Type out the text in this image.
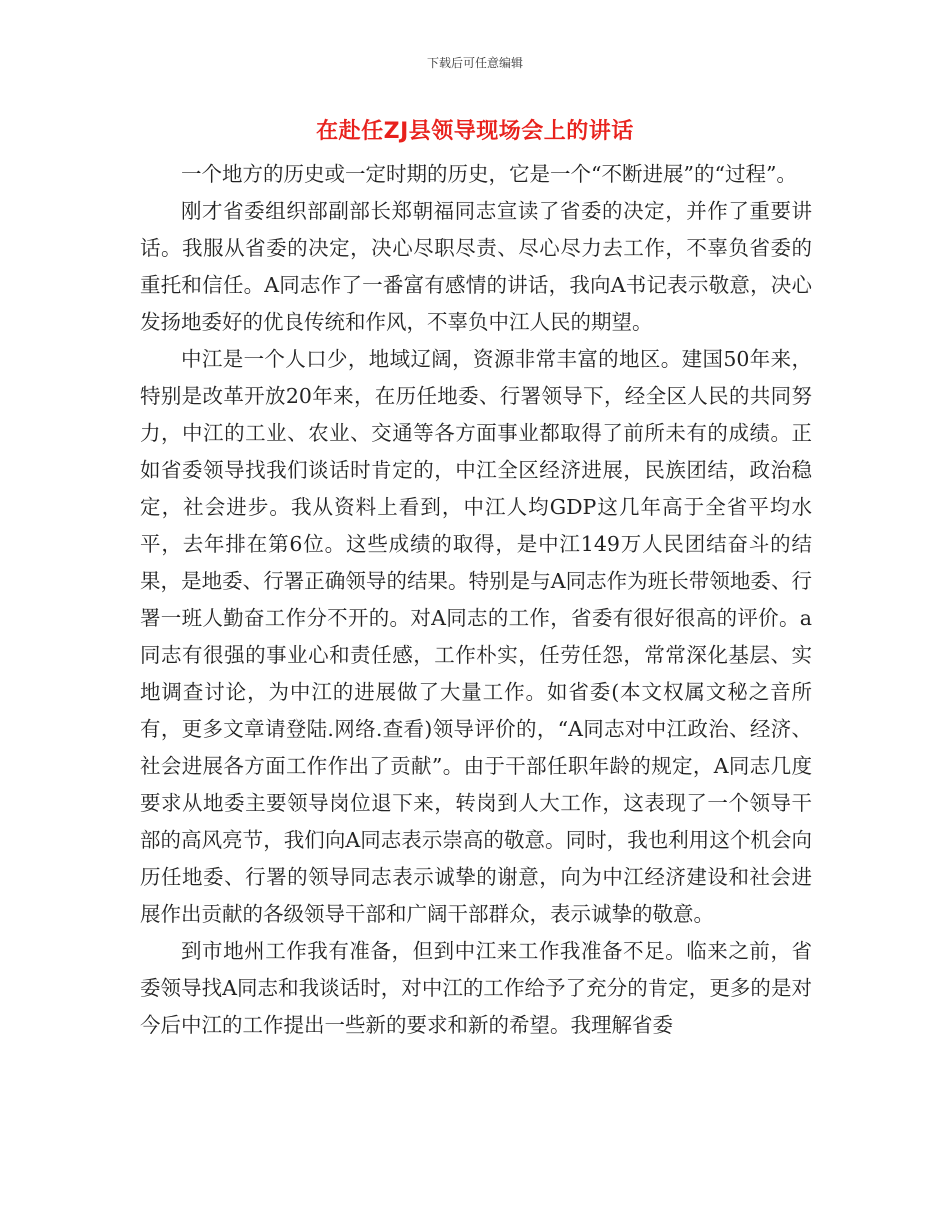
下载后可任意编辑
在赴任ZJ县领导现场会上的讲话

一个地方的历史或一定时期的历史，它是一个“不断进展”的“过程”。

刚才省委组织部副部长郑朝福同志宣读了省委的决定，并作了重要讲话。我服从省委的决定，决心尽职尽责、尽心尽力去工作，不辜负省委的重托和信任。A同志作了一番富有感情的讲话，我向A书记表示敬意，决心发扬地委好的优良传统和作风，不辜负中江人民的期望。

中江是一个人口少，地域辽阔，资源非常丰富的地区。建国50年来，特别是改革开放20年来，在历任地委、行署领导下，经全区人民的共同努力，中江的工业、农业、交通等各方面事业都取得了前所未有的成绩。正如省委领导找我们谈话时肯定的，中江全区经济进展，民族团结，政治稳定，社会进步。我从资料上看到，中江人均GDP这几年高于全省平均水平，去年排在第6位。这些成绩的取得，是中江149万人民团结奋斗的结果，是地委、行署正确领导的结果。特别是与A同志作为班长带领地委、行署一班人勤奋工作分不开的。对A同志的工作，省委有很好很高的评价。a同志有很强的事业心和责任感，工作朴实，任劳任怨，常常深化基层、实地调查讨论，为中江的进展做了大量工作。如省委(本文权属文秘之音所有，更多文章请登陆.网络.查看)领导评价的，“A同志对中江政治、经济、社会进展各方面工作作出了贡献”。由于干部任职年龄的规定，A同志几度要求从地委主要领导岗位退下来，转岗到人大工作，这表现了一个领导干部的高风亮节，我们向A同志表示崇高的敬意。同时，我也利用这个机会向历任地委、行署的领导同志表示诚挚的谢意，向为中江经济建设和社会进展作出贡献的各级领导干部和广阔干部群众，表示诚挚的敬意。

到市地州工作我有准备，但到中江来工作我准备不足。临来之前，省委领导找A同志和我谈话时，对中江的工作给予了充分的肯定，更多的是对今后中江的工作提出一些新的要求和新的希望。我理解省委
